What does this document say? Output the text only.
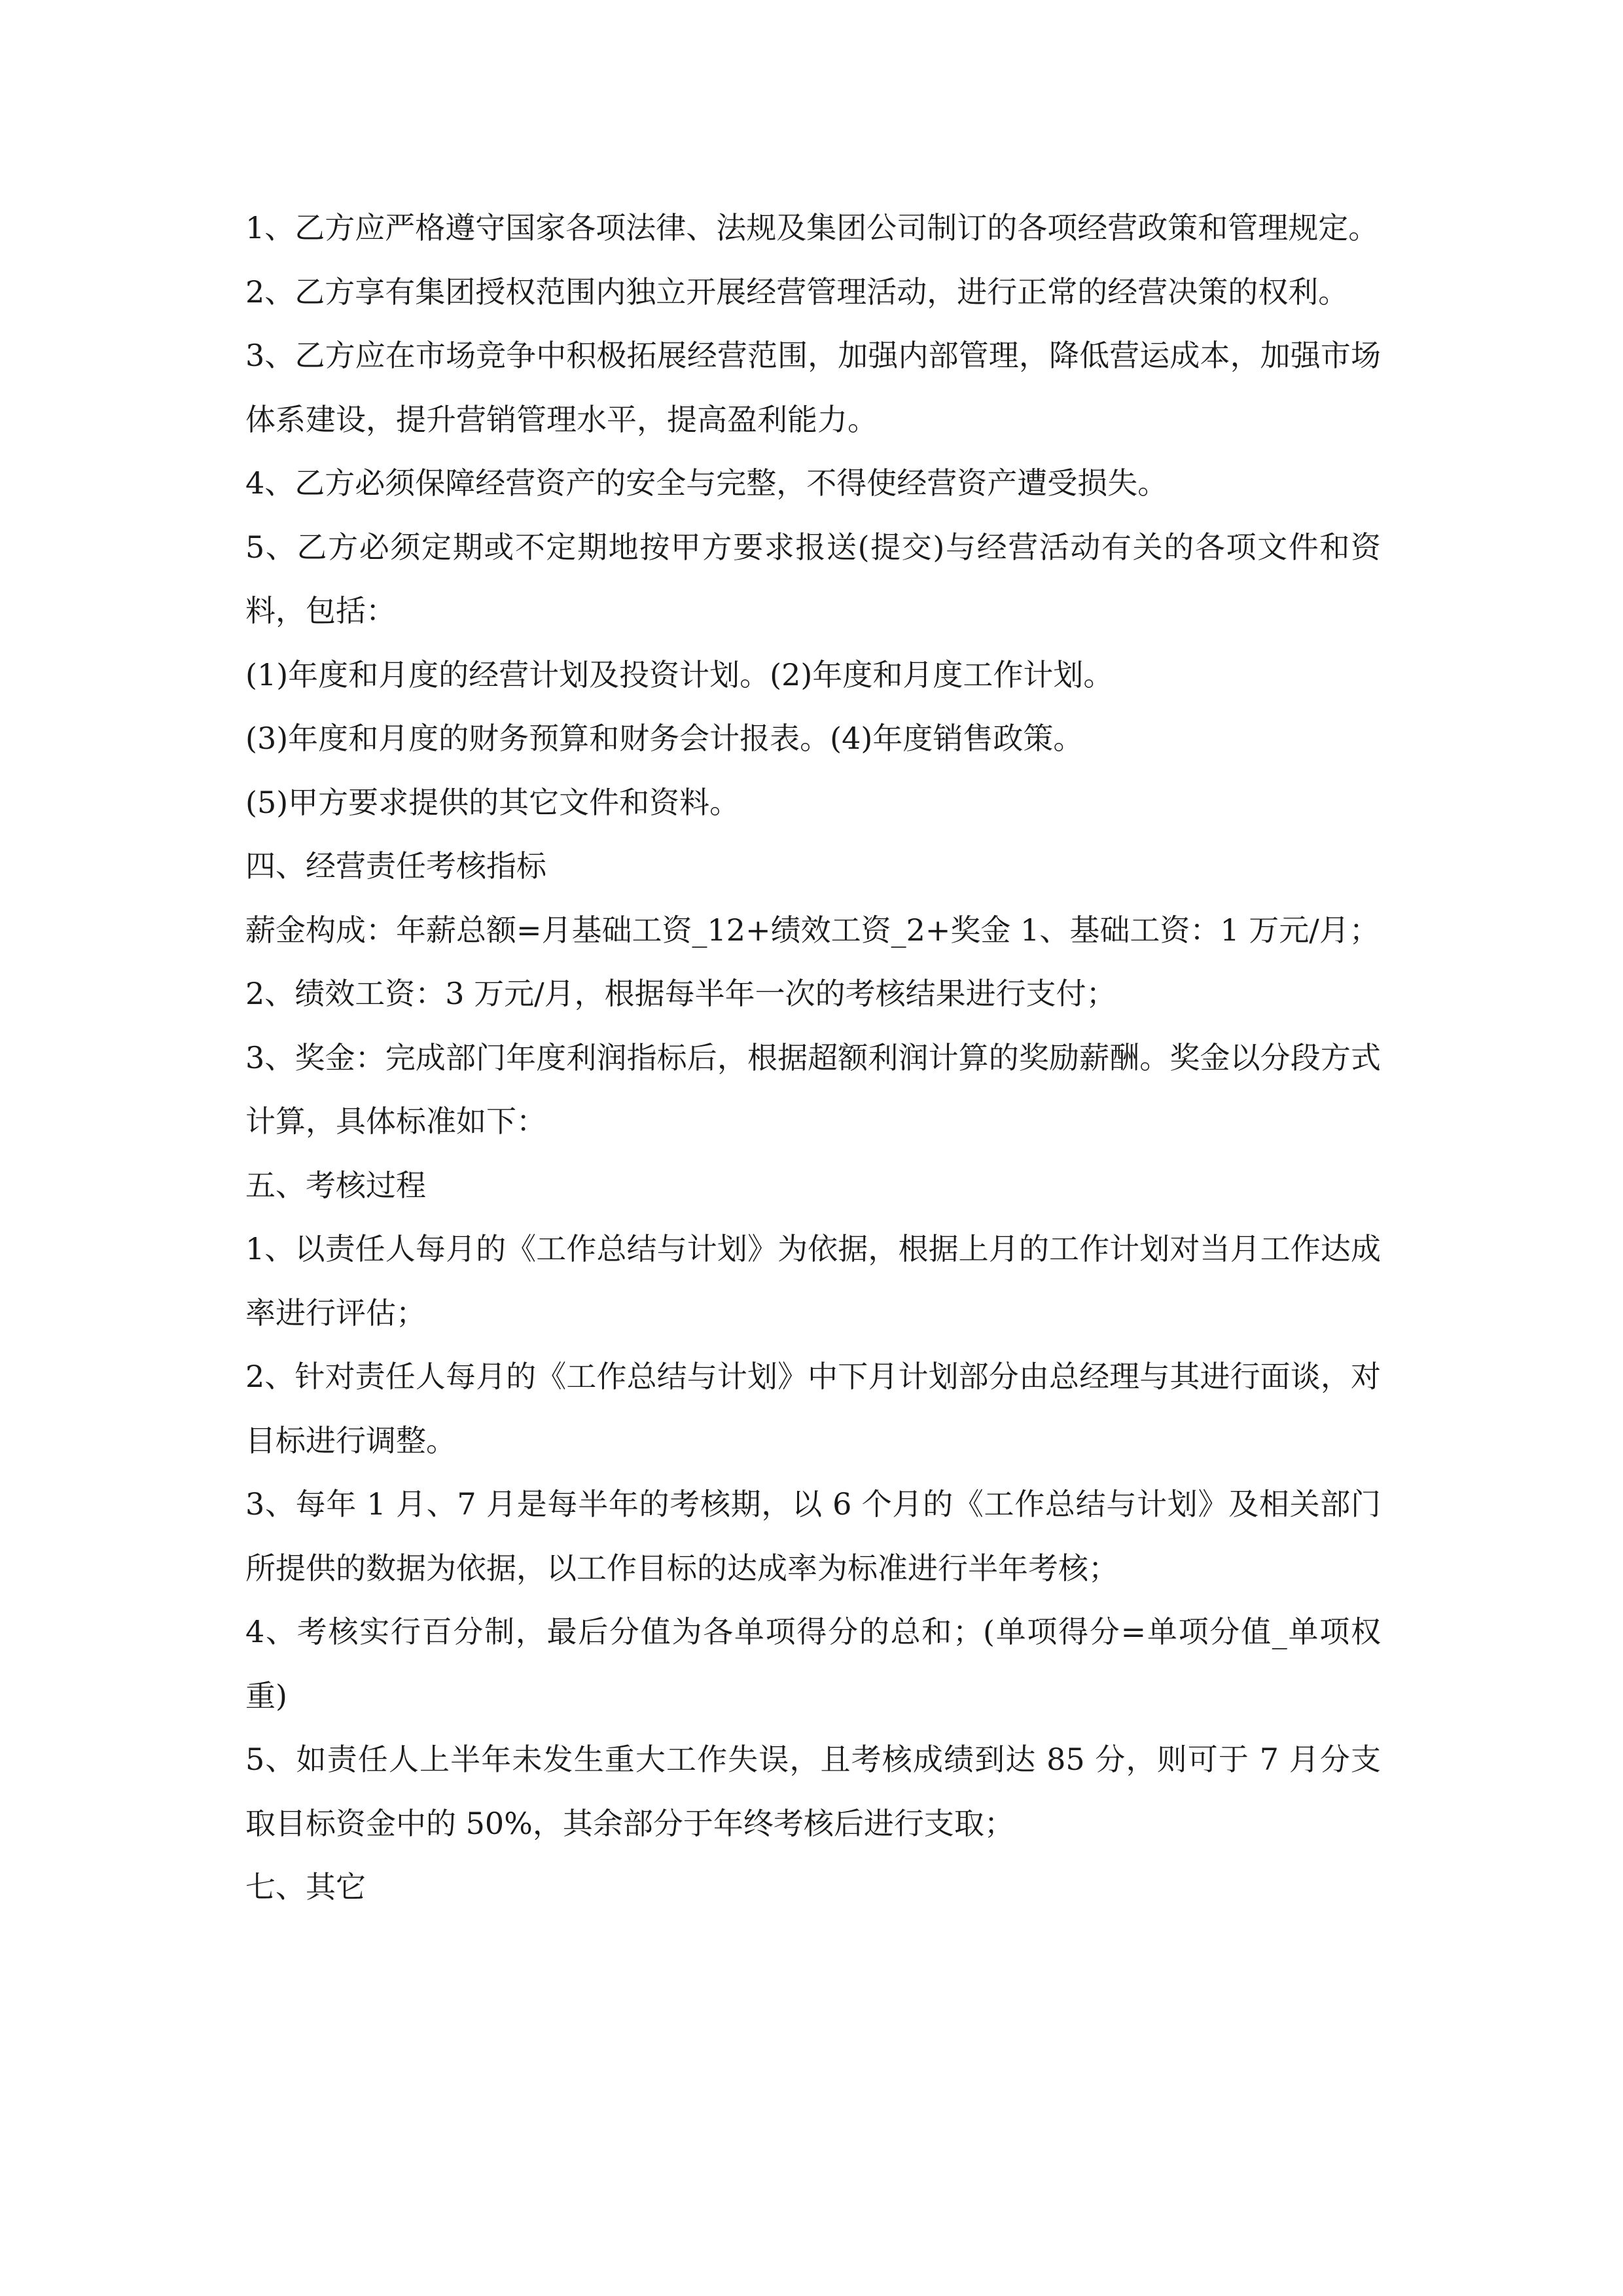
1、乙方应严格遵守国家各项法律、法规及集团公司制订的各项经营政策和管理规定。

2、乙方享有集团授权范围内独立开展经营管理活动，进行正常的经营决策的权利。

3、乙方应在市场竞争中积极拓展经营范围，加强内部管理，降低营运成本，加强市场体系建设，提升营销管理水平，提高盈利能力。

4、乙方必须保障经营资产的安全与完整，不得使经营资产遭受损失。

5、乙方必须定期或不定期地按甲方要求报送(提交)与经营活动有关的各项文件和资料，包括：

(1)年度和月度的经营计划及投资计划。(2)年度和月度工作计划。

(3)年度和月度的财务预算和财务会计报表。(4)年度销售政策。

(5)甲方要求提供的其它文件和资料。

四、经营责任考核指标

薪金构成：年薪总额=月基础工资_12+绩效工资_2+奖金 1、基础工资：1 万元/月；

2、绩效工资：3 万元/月，根据每半年一次的考核结果进行支付；

3、奖金：完成部门年度利润指标后，根据超额利润计算的奖励薪酬。奖金以分段方式计算，具体标准如下：

五、考核过程

1、以责任人每月的《工作总结与计划》为依据，根据上月的工作计划对当月工作达成率进行评估；

2、针对责任人每月的《工作总结与计划》中下月计划部分由总经理与其进行面谈，对目标进行调整。

3、每年 1 月、7 月是每半年的考核期，以 6 个月的《工作总结与计划》及相关部门所提供的数据为依据，以工作目标的达成率为标准进行半年考核；

4、考核实行百分制，最后分值为各单项得分的总和；(单项得分=单项分值_单项权重)

5、如责任人上半年未发生重大工作失误，且考核成绩到达 85 分，则可于 7 月分支取目标资金中的 50%，其余部分于年终考核后进行支取；

七、其它
